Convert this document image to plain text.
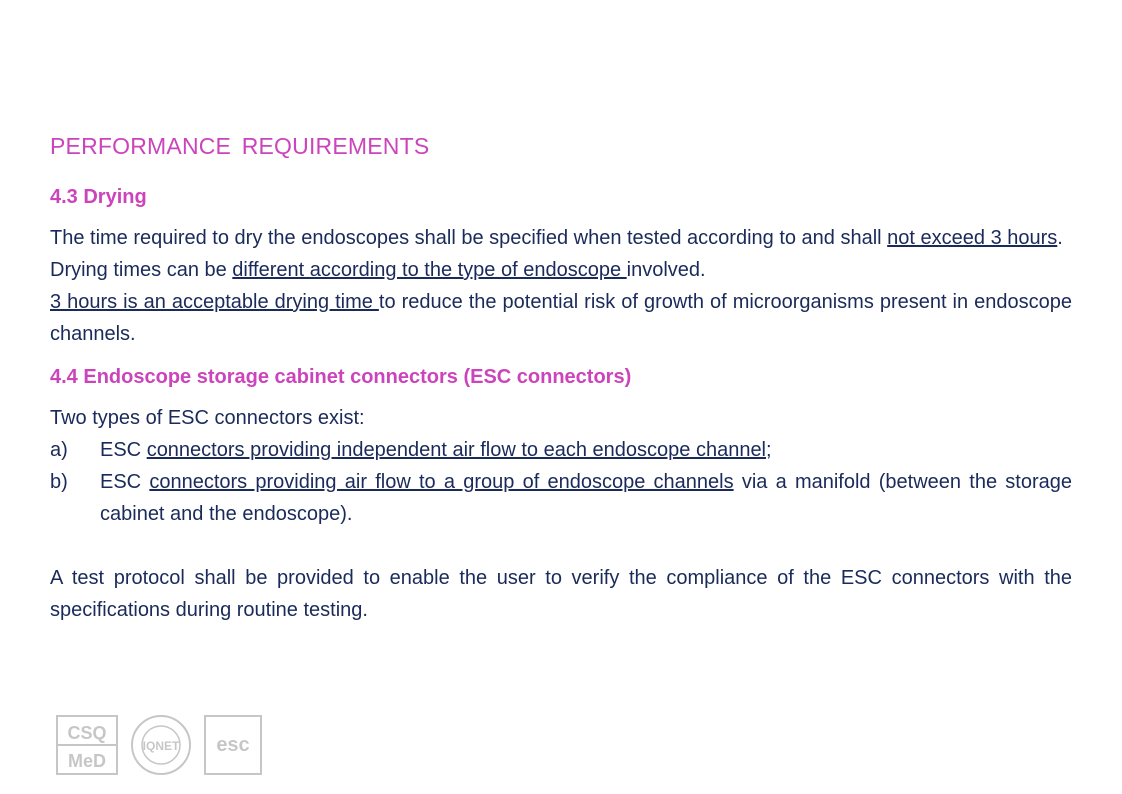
PERFORMANCE REQUIREMENTS
4.3 Drying

The time required to dry the endoscopes shall be specified when tested according to and shall not exceed 3 hours.

Drying times can be different according to the type of endoscope involved.

3 hours is an acceptable drying time to reduce the potential risk of growth of microorganisms present in endoscope channels.

4.4 Endoscope storage cabinet connectors (ESC connectors)

Two types of ESC connectors exist:

a)	ESC connectors providing independent air flow to each endoscope channel;
b)	ESC connectors providing air flow to a group of endoscope channels via a manifold (between the storage cabinet and the endoscope).

A test protocol shall be provided to enable the user to verify the compliance of the ESC connectors with the specifications during routine testing.

CSQ
MeD
IQNET esc
